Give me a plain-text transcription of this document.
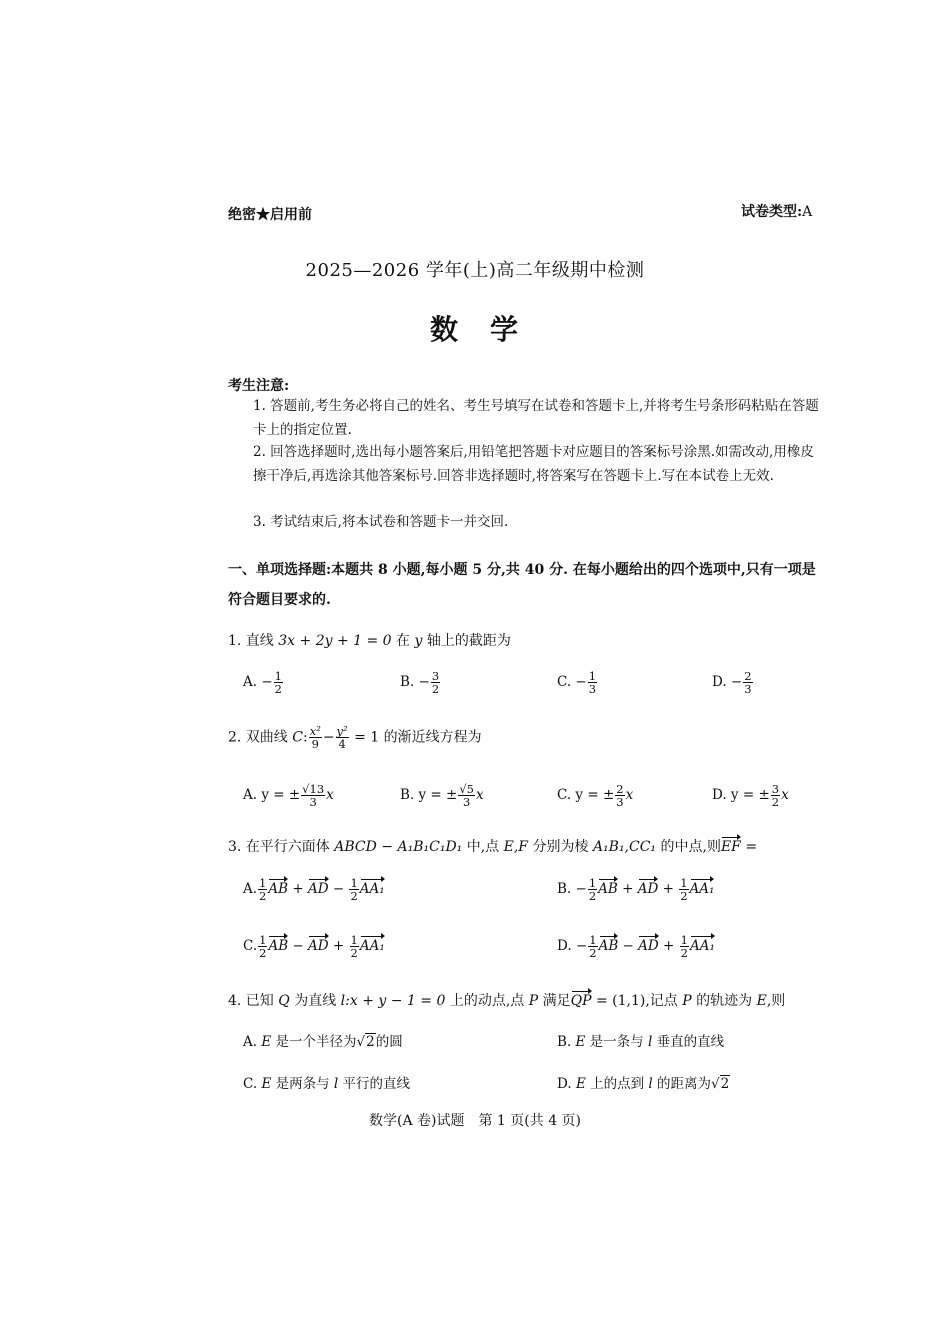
绝密★启用前	试卷类型:A
2025—2026 学年(上)高二年级期中检测
数　学
考生注意:
1. 答题前,考生务必将自己的姓名、考生号填写在试卷和答题卡上,并将考生号条形码粘贴在答题卡上的指定位置.
2. 回答选择题时,选出每小题答案后,用铅笔把答题卡对应题目的答案标号涂黑.如需改动,用橡皮擦干净后,再选涂其他答案标号.回答非选择题时,将答案写在答题卡上.写在本试卷上无效.
3. 考试结束后,将本试卷和答题卡一并交回.
一、单项选择题:本题共 8 小题,每小题 5 分,共 40 分. 在每小题给出的四个选项中,只有一项是符合题目要求的.
1. 直线 3x + 2y + 1 = 0 在 y 轴上的截距为
A. − $\frac{1}{2}$	B. − $\frac{3}{2}$	C. − $\frac{1}{3}$	D. − $\frac{2}{3}$
2. 双曲线 C: $\frac{\text{x²}}{9} - \frac{\text{y²}}{4} = 1$ 的渐近线方程为
A. y = ± $\frac{√13}{3}$ x	B. y = ± $\frac{√5}{3}$ x	C. y = ± $\frac{2}{3}$ x	D. y = ± $\frac{3}{2}$ x
3. 在平行六面体 ABCD − A₁B₁C₁D₁ 中,点 E,F 分别为棱 A₁B₁,CC₁ 的中点,则EF =
A. $\frac{1}{2}$ AB + AD − $\frac{1}{2} AA_1$	B. − $\frac{1}{2}$ AB + AD + $\frac{1}{2} AA_1$
C. $\frac{1}{2}$ AB − AD + $\frac{1}{2} AA_1$	D. − $\frac{1}{2}$ AB − AD + $\frac{1}{2} AA_1$
4. 已知 Q 为直线 l:x + y − 1 = 0 上的动点,点 P 满足QP = (1,1),记点 P 的轨迹为 E,则
A. E 是一个半径为√2的圆	B. E 是一条与 l 垂直的直线
C. E 是两条与 l 平行的直线	D. E 上的点到 l 的距离为√2
数学(A 卷)试题　第 1 页(共 4 页)
